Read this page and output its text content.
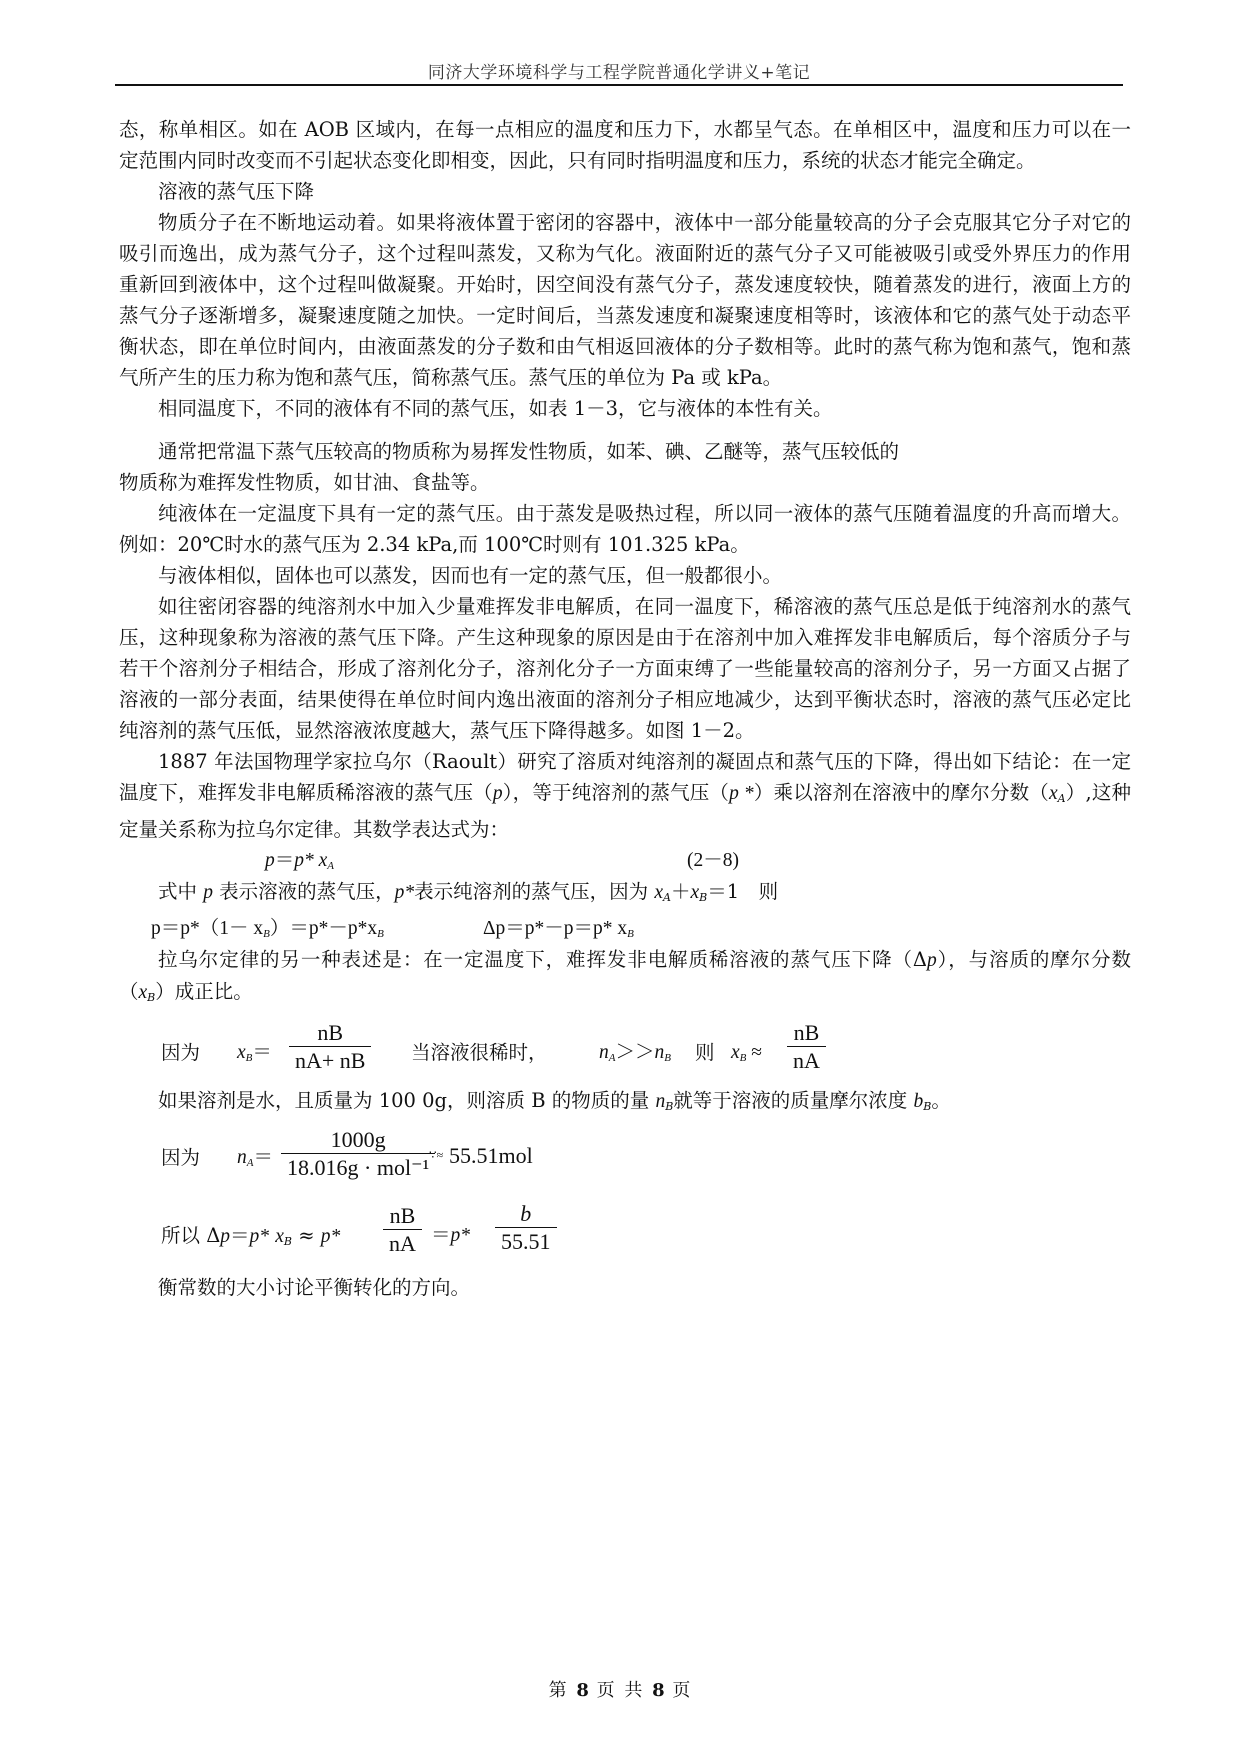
同济大学环境科学与工程学院普通化学讲义+笔记

态，称单相区。如在 AOB 区域内，在每一点相应的温度和压力下，水都呈气态。在单相区中，温度和压力可以在一定范围内同时改变而不引起状态变化即相变，因此，只有同时指明温度和压力，系统的状态才能完全确定。

溶液的蒸气压下降

物质分子在不断地运动着。如果将液体置于密闭的容器中，液体中一部分能量较高的分子会克服其它分子对它的吸引而逸出，成为蒸气分子，这个过程叫蒸发，又称为气化。液面附近的蒸气分子又可能被吸引或受外界压力的作用重新回到液体中，这个过程叫做凝聚。开始时，因空间没有蒸气分子，蒸发速度较快，随着蒸发的进行，液面上方的蒸气分子逐渐增多，凝聚速度随之加快。一定时间后，当蒸发速度和凝聚速度相等时，该液体和它的蒸气处于动态平衡状态，即在单位时间内，由液面蒸发的分子数和由气相返回液体的分子数相等。此时的蒸气称为饱和蒸气，饱和蒸气所产生的压力称为饱和蒸气压，简称蒸气压。蒸气压的单位为 Pa 或 kPa。

相同温度下，不同的液体有不同的蒸气压，如表 1－3，它与液体的本性有关。

通常把常温下蒸气压较高的物质称为易挥发性物质，如苯、碘、乙醚等，蒸气压较低的

物质称为难挥发性物质，如甘油、食盐等。

纯液体在一定温度下具有一定的蒸气压。由于蒸发是吸热过程，所以同一液体的蒸气压随着温度的升高而增大。例如：20℃时水的蒸气压为 2.34 kPa,而 100℃时则有 101.325 kPa。

与液体相似，固体也可以蒸发，因而也有一定的蒸气压，但一般都很小。

如往密闭容器的纯溶剂水中加入少量难挥发非电解质，在同一温度下，稀溶液的蒸气压总是低于纯溶剂水的蒸气压，这种现象称为溶液的蒸气压下降。产生这种现象的原因是由于在溶剂中加入难挥发非电解质后，每个溶质分子与若干个溶剂分子相结合，形成了溶剂化分子，溶剂化分子一方面束缚了一些能量较高的溶剂分子，另一方面又占据了溶液的一部分表面，结果使得在单位时间内逸出液面的溶剂分子相应地减少，达到平衡状态时，溶液的蒸气压必定比纯溶剂的蒸气压低，显然溶液浓度越大，蒸气压下降得越多。如图 1－2。

1887 年法国物理学家拉乌尔（Raoult）研究了溶质对纯溶剂的凝固点和蒸气压的下降，得出如下结论：在一定温度下，难挥发非电解质稀溶液的蒸气压（p），等于纯溶剂的蒸气压（p *）乘以溶剂在溶液中的摩尔分数$(x_A)$,这种定量关系称为拉乌尔定律。其数学表达式为：

p＝p* $x_A$	(2－8)

式中 p 表示溶液的蒸气压，p*表示纯溶剂的蒸气压，因为 $x_A+x_B=1$　则

$p=p*(1- x_B)=p*-p*x_B$	Δp＝p*－p＝p* $x_B$

拉乌尔定律的另一种表述是：在一定温度下，难挥发非电解质稀溶液的蒸气压下降（Δp），与溶质的摩尔分数$(x_B)$成正比。

因为 $x_B= \frac{nB}{nA+ nB}$ 当溶液很稀时，	$n_A>>n_B$ 则 $x_B \approx \frac{nB}{nA}$

如果溶剂是水，且质量为 100 0g，则溶质 B 的物质的量 $n_B$就等于溶液的质量摩尔浓度 $b_B$。

因为 $n_A=$
1000g
18.016g · mol⁻¹ ∵≈ 55.51mol
所以 Δp＝p* $x_B \approx p* \frac{nB}{nA} =p* \frac{b}{55.51}$

衡常数的大小讨论平衡转化的方向。

第 8 页 共 8 页
